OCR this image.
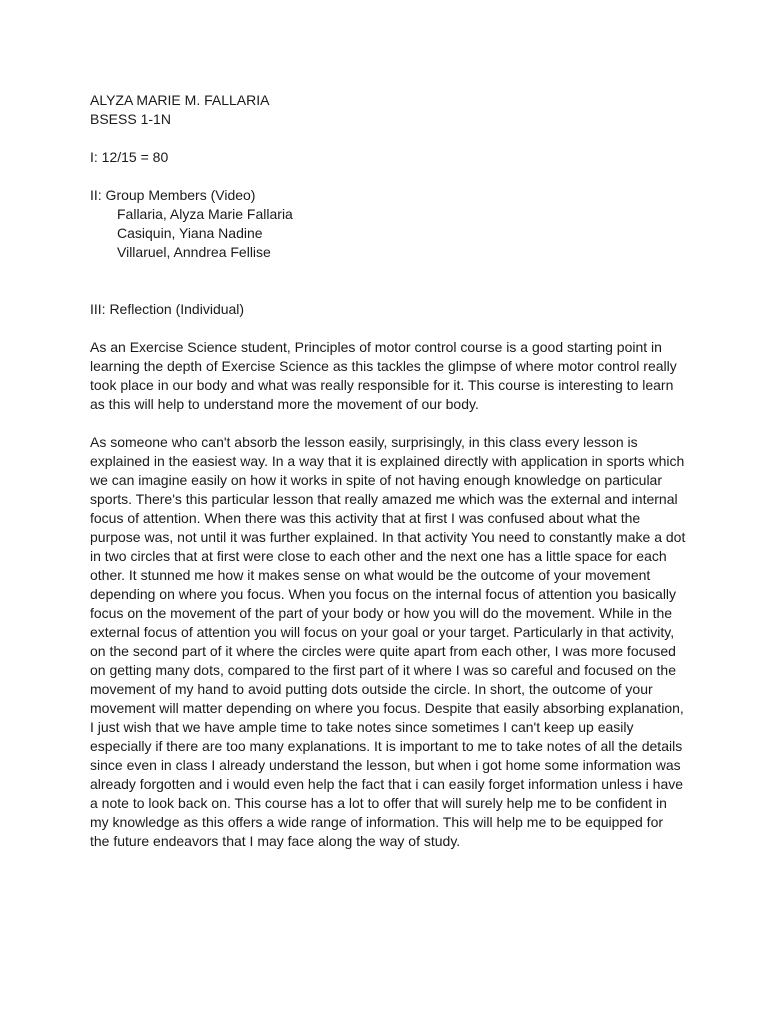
ALYZA MARIE M. FALLARIA
BSESS 1-1N
I: 12/15 = 80
II: Group Members (Video)
Fallaria, Alyza Marie Fallaria
Casiquin, Yiana Nadine
Villaruel, Anndrea Fellise
III: Reflection (Individual)
As an Exercise Science student, Principles of motor control course is a good starting point in
learning the depth of Exercise Science as this tackles the glimpse of where motor control really
took place in our body and what was really responsible for it. This course is interesting to learn
as this will help to understand more the movement of our body.
As someone who can't absorb the lesson easily, surprisingly, in this class every lesson is
explained in the easiest way. In a way that it is explained directly with application in sports which
we can imagine easily on how it works in spite of not having enough knowledge on particular
sports. There's this particular lesson that really amazed me which was the external and internal
focus of attention. When there was this activity that at first I was confused about what the
purpose was, not until it was further explained. In that activity You need to constantly make a dot
in two circles that at first were close to each other and the next one has a little space for each
other. It stunned me how it makes sense on what would be the outcome of your movement
depending on where you focus. When you focus on the internal focus of attention you basically
focus on the movement of the part of your body or how you will do the movement. While in the
external focus of attention you will focus on your goal or your target. Particularly in that activity,
on the second part of it where the circles were quite apart from each other, I was more focused
on getting many dots, compared to the first part of it where I was so careful and focused on the
movement of my hand to avoid putting dots outside the circle. In short, the outcome of your
movement will matter depending on where you focus. Despite that easily absorbing explanation,
I just wish that we have ample time to take notes since sometimes I can't keep up easily
especially if there are too many explanations. It is important to me to take notes of all the details
since even in class I already understand the lesson, but when i got home some information was
already forgotten and i would even help the fact that i can easily forget information unless i have
a note to look back on. This course has a lot to offer that will surely help me to be confident in
my knowledge as this offers a wide range of information. This will help me to be equipped for
the future endeavors that I may face along the way of study.
